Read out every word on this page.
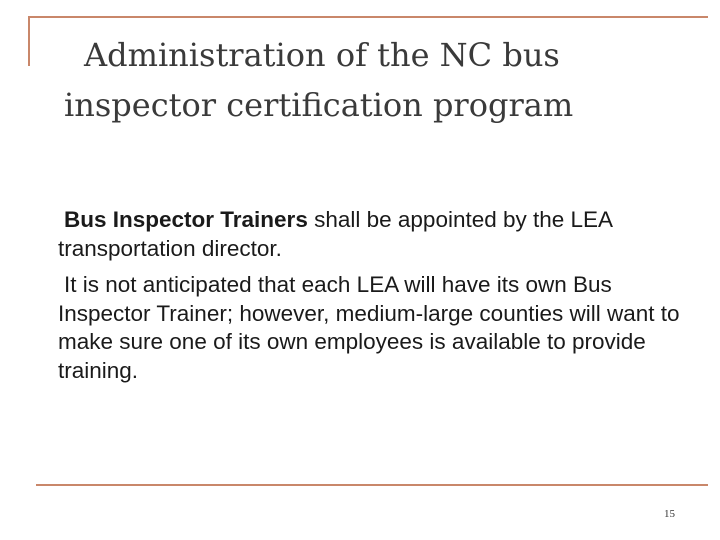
Administration of the NC bus
inspector certification program

Bus Inspector Trainers shall be appointed by the LEA transportation director.

It is not anticipated that each LEA will have its own Bus Inspector Trainer; however, medium-large counties will want to make sure one of its own employees is available to provide training.

15
